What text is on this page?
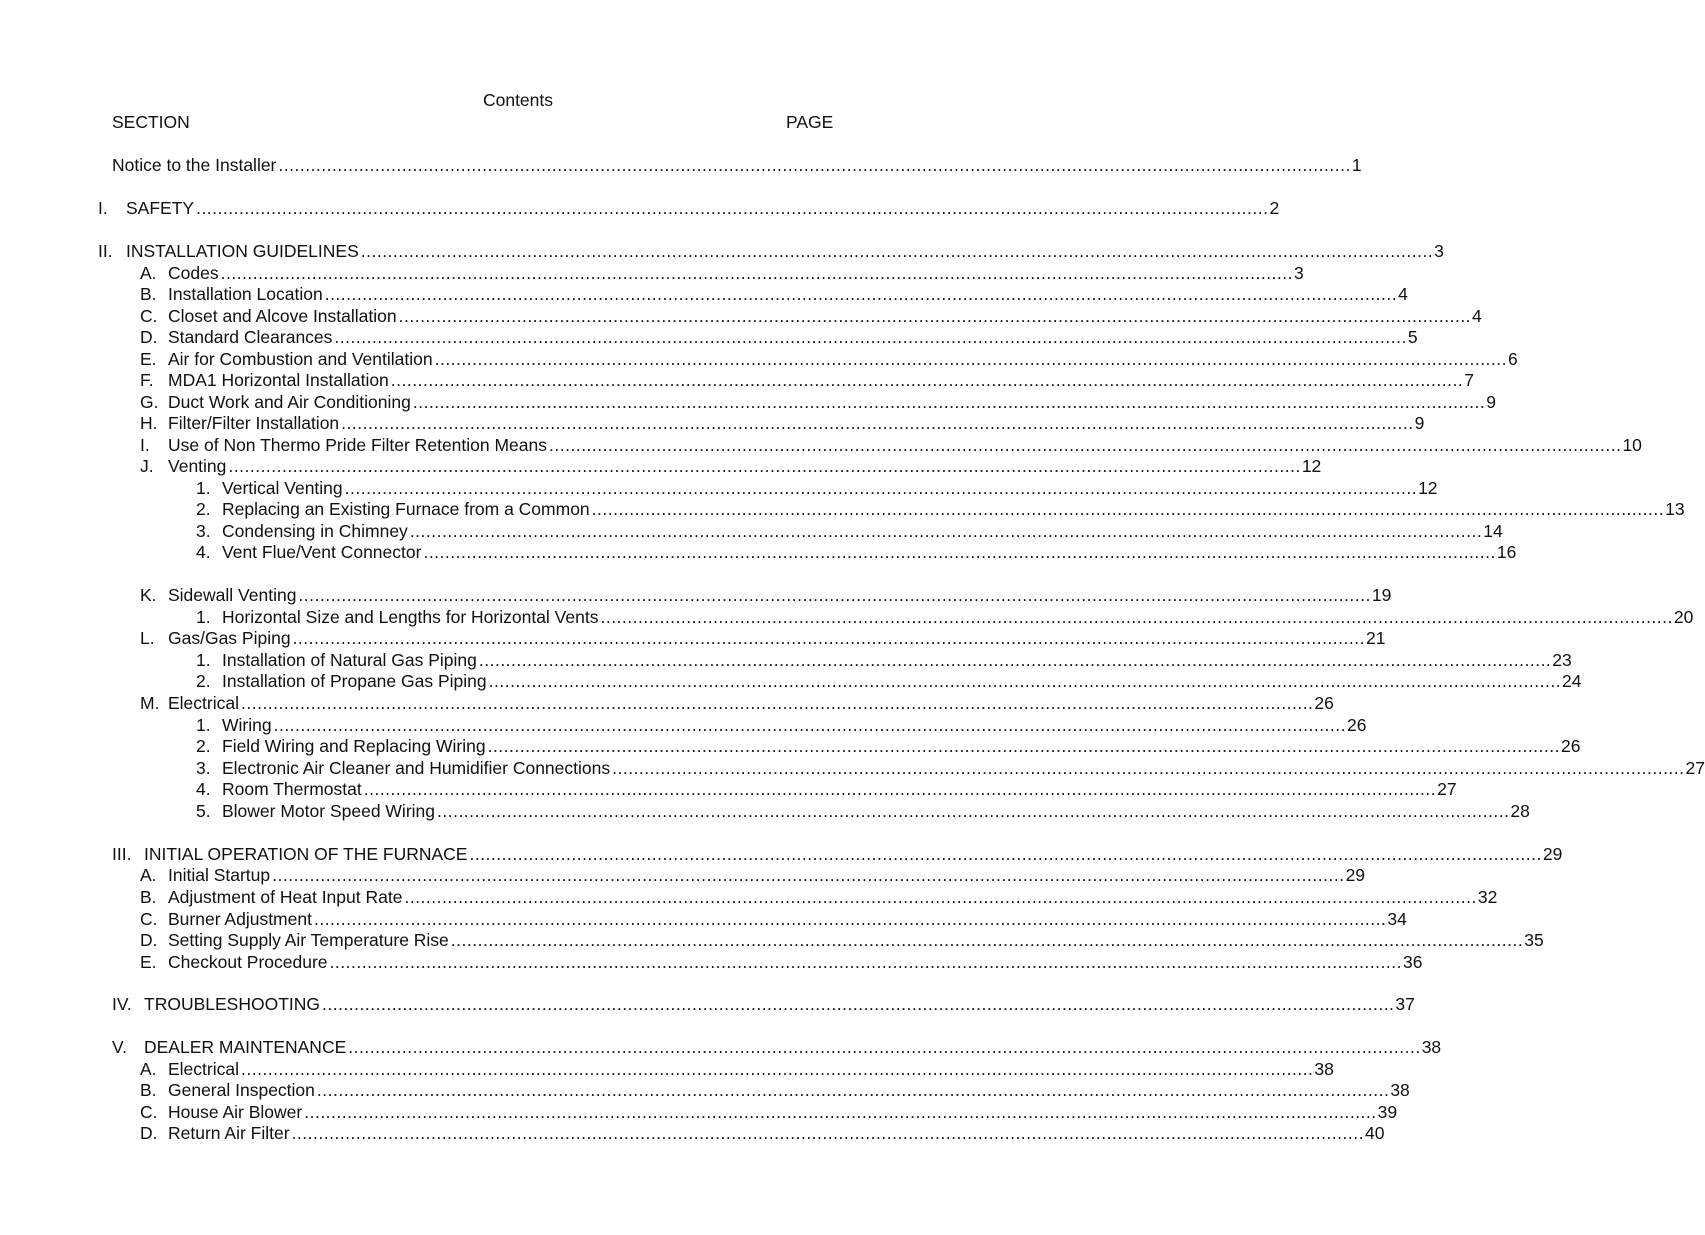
Contents
SECTION	PAGE
Notice to the Installer ........................................................................................................................................................................................................ 1
I.	SAFETY ........................................................................................................................................................................................................ 2
II. INSTALLATION GUIDELINES ........................................................................................................................................................................................................ 3
A. Codes ........................................................................................................................................................................................................ 3
B. Installation Location ........................................................................................................................................................................................................ 4
C. Closet and Alcove Installation ........................................................................................................................................................................................................ 4
D. Standard Clearances ........................................................................................................................................................................................................ 5
E. Air for Combustion and Ventilation ........................................................................................................................................................................................................ 6
F. MDA1 Horizontal Installation ........................................................................................................................................................................................................ 7
G. Duct Work and Air Conditioning ........................................................................................................................................................................................................ 9
H. Filter/Filter Installation ........................................................................................................................................................................................................ 9
I.	Use of Non Thermo Pride Filter Retention Means ........................................................................................................................................................................................................ 10
J. Venting ........................................................................................................................................................................................................ 12
1. Vertical Venting ........................................................................................................................................................................................................ 12
2. Replacing an Existing Furnace from a Common ........................................................................................................................................................................................................ 13
3. Condensing in Chimney ........................................................................................................................................................................................................ 14
4. Vent Flue/Vent Connector ........................................................................................................................................................................................................ 16
K. Sidewall Venting ........................................................................................................................................................................................................ 19
1. Horizontal Size and Lengths for Horizontal Vents ........................................................................................................................................................................................................ 20
L. Gas/Gas Piping ........................................................................................................................................................................................................ 21
1. Installation of Natural Gas Piping ........................................................................................................................................................................................................ 23
2. Installation of Propane Gas Piping ........................................................................................................................................................................................................ 24
M. Electrical ........................................................................................................................................................................................................ 26
1. Wiring ........................................................................................................................................................................................................ 26
2. Field Wiring and Replacing Wiring ........................................................................................................................................................................................................ 26
3. Electronic Air Cleaner and Humidifier Connections ........................................................................................................................................................................................................ 27
4. Room Thermostat ........................................................................................................................................................................................................ 27
5. Blower Motor Speed Wiring ........................................................................................................................................................................................................ 28
III. INITIAL OPERATION OF THE FURNACE ........................................................................................................................................................................................................ 29
A. Initial Startup ........................................................................................................................................................................................................ 29
B. Adjustment of Heat Input Rate ........................................................................................................................................................................................................ 32
C. Burner Adjustment ........................................................................................................................................................................................................ 34
D. Setting Supply Air Temperature Rise ........................................................................................................................................................................................................ 35
E. Checkout Procedure ........................................................................................................................................................................................................ 36
IV. TROUBLESHOOTING ........................................................................................................................................................................................................ 37
V. DEALER MAINTENANCE ........................................................................................................................................................................................................ 38
A. Electrical ........................................................................................................................................................................................................ 38
B. General Inspection ........................................................................................................................................................................................................ 38
C. House Air Blower ........................................................................................................................................................................................................ 39
D. Return Air Filter ........................................................................................................................................................................................................ 40
